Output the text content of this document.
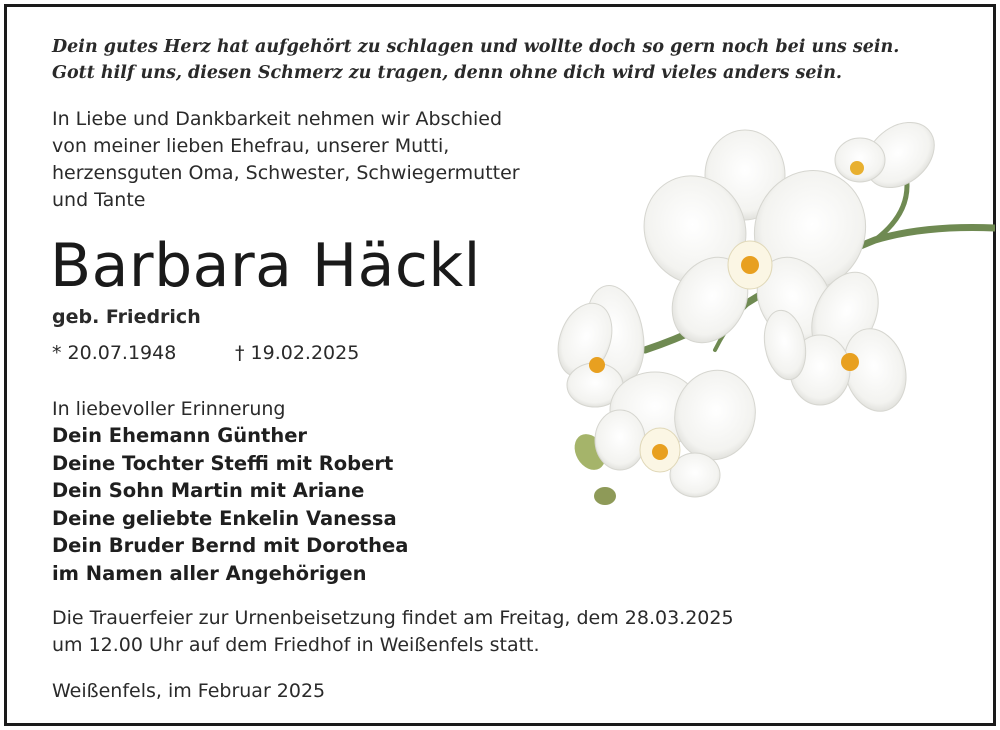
Dein gutes Herz hat aufgehört zu schlagen und wollte doch so gern noch bei uns sein.
Gott hilf uns, diesen Schmerz zu tragen, denn ohne dich wird vieles anders sein.

In Liebe und Dankbarkeit nehmen wir Abschied
von meiner lieben Ehefrau, unserer Mutti,
herzensguten Oma, Schwester, Schwiegermutter
und Tante

Barbara Häckl

geb. Friedrich

* 20.07.1948	† 19.02.2025

In liebevoller Erinnerung

Dein Ehemann Günther
Deine Tochter Steffi mit Robert
Dein Sohn Martin mit Ariane
Deine geliebte Enkelin Vanessa
Dein Bruder Bernd mit Dorothea
im Namen aller Angehörigen

Die Trauerfeier zur Urnenbeisetzung findet am Freitag, dem 28.03.2025
um 12.00 Uhr auf dem Friedhof in Weißenfels statt.

Weißenfels, im Februar 2025
